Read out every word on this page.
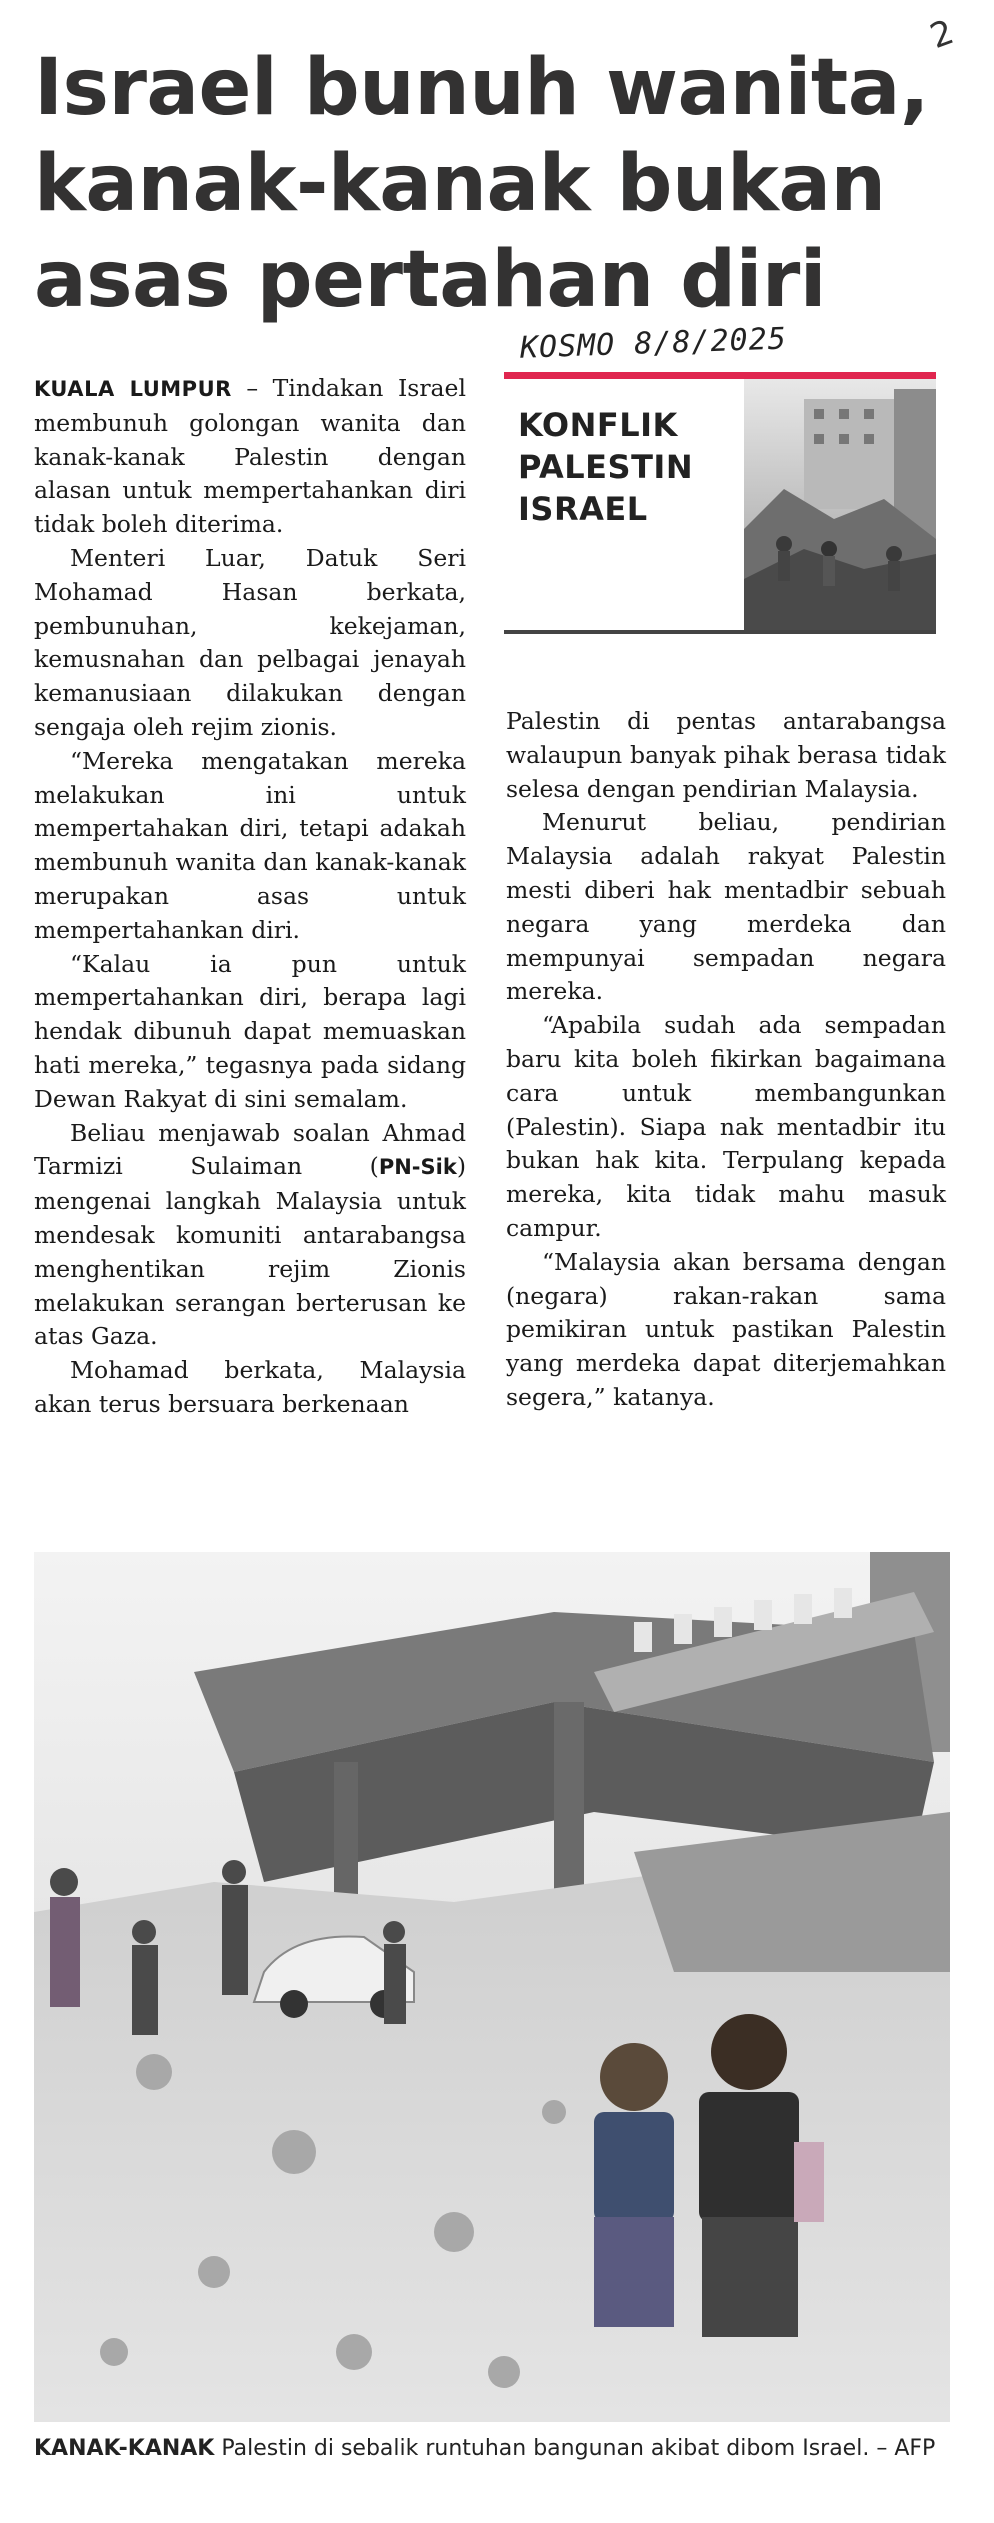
2
Israel bunuh wanita,
kanak-kanak bukan
asas pertahan diri
KOSMO 8/8/2025
KONFLIK
PALESTIN
ISRAEL

KUALA LUMPUR – Tindakan Israel membunuh golongan wanita dan kanak-kanak Palestin dengan alasan untuk mempertahankan diri tidak boleh diterima.

Menteri Luar, Datuk Seri Mohamad Hasan berkata, pembunuhan, kekejaman, kemusnahan dan pelbagai jenayah kemanusiaan dilakukan dengan sengaja oleh rejim zionis.

“Mereka mengatakan mereka melakukan ini untuk mempertahakan diri, tetapi adakah membunuh wanita dan kanak-kanak merupakan asas untuk mempertahankan diri.

“Kalau ia pun untuk mempertahankan diri, berapa lagi hendak dibunuh dapat memuaskan hati mereka,” tegasnya pada sidang Dewan Rakyat di sini semalam.

Beliau menjawab soalan Ahmad Tarmizi Sulaiman (PN-Sik) mengenai langkah Malaysia untuk mendesak komuniti antarabangsa menghentikan rejim Zionis melakukan serangan berterusan ke atas Gaza.

Mohamad berkata, Malaysia akan terus bersuara berkenaan

Palestin di pentas antarabangsa walaupun banyak pihak berasa tidak selesa dengan pendirian Malaysia.

Menurut beliau, pendirian Malaysia adalah rakyat Palestin mesti diberi hak mentadbir sebuah negara yang merdeka dan mempunyai sempadan negara mereka.

“Apabila sudah ada sempadan baru kita boleh fikirkan bagaimana cara untuk membangunkan (Palestin). Siapa nak mentadbir itu bukan hak kita. Terpulang kepada mereka, kita tidak mahu masuk campur.

“Malaysia akan bersama dengan (negara) rakan-rakan sama pemikiran untuk pastikan Palestin yang merdeka dapat diterjemahkan segera,” katanya.

KANAK-KANAK Palestin di sebalik runtuhan bangunan akibat dibom Israel. – AFP
